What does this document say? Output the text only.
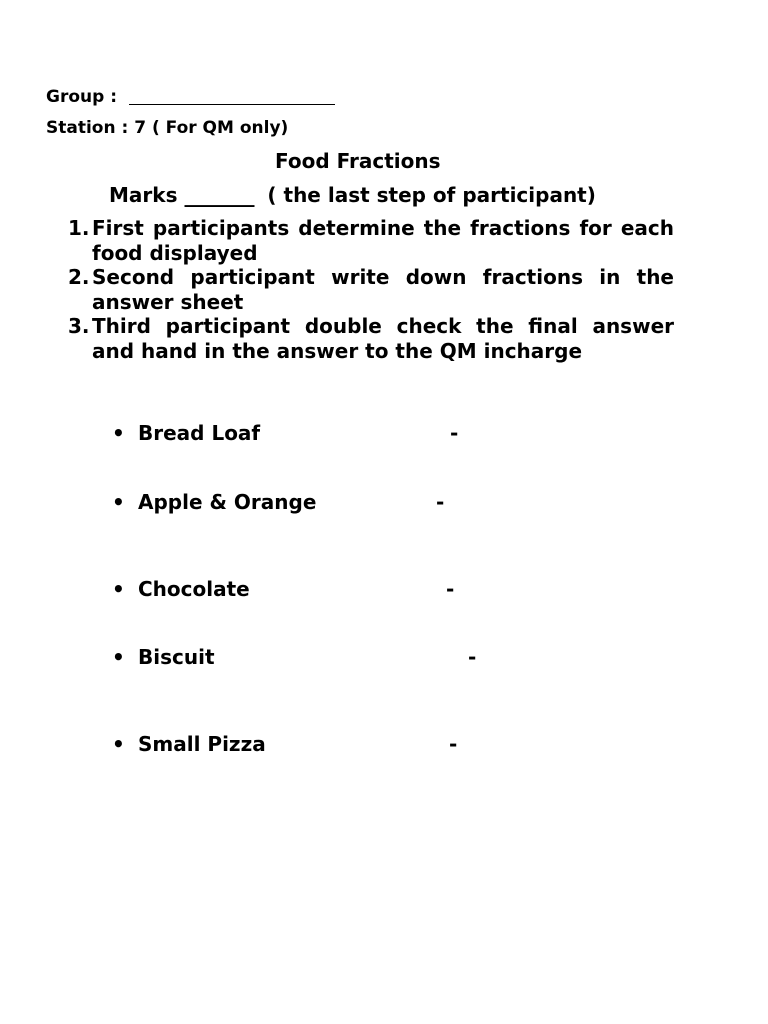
Group :
Station : 7 ( For QM only)
Food Fractions
Marks _______ ( the last step of participant)
1. First participants determine the fractions for each food displayed
2. Second participant write down fractions in the answer sheet
3. Third participant double check the final answer and hand in the answer to the QM incharge
• Bread Loaf	-
• Apple & Orange	-
• Chocolate	-
• Biscuit	-
• Small Pizza	-
